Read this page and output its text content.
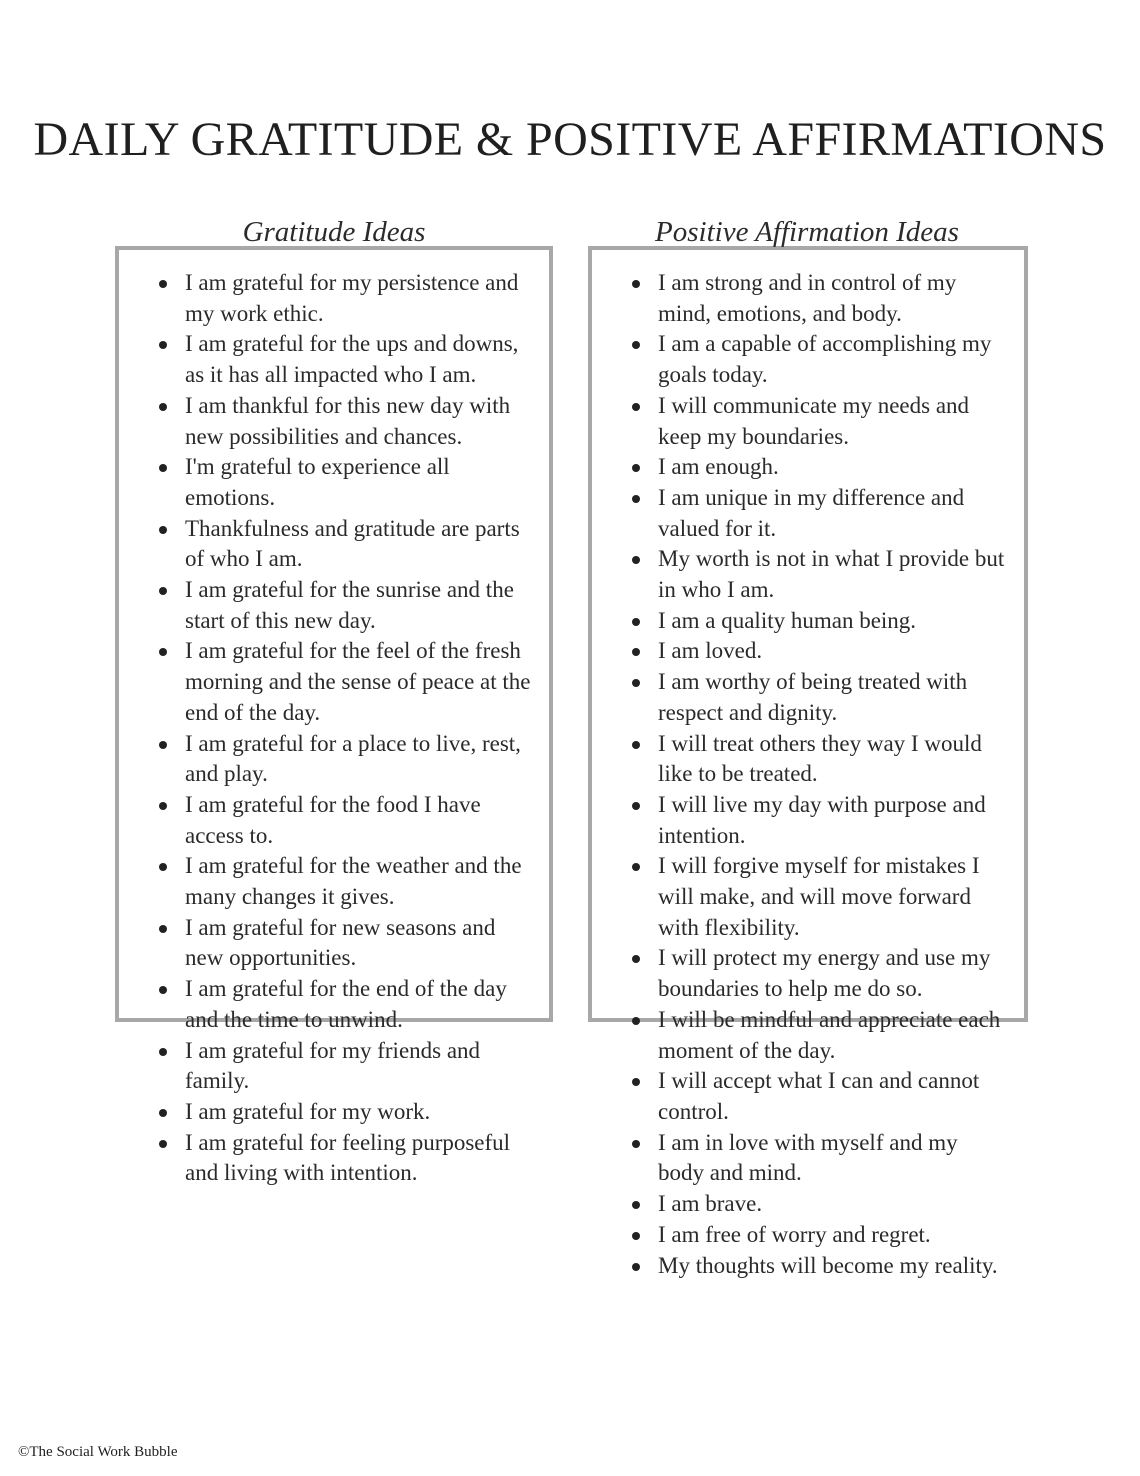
DAILY GRATITUDE & POSITIVE AFFIRMATIONS
Gratitude Ideas
I am grateful for my persistence and my work ethic.
I am grateful for the ups and downs, as it has all impacted who I am.
I am thankful for this new day with new possibilities and chances.
I'm grateful to experience all emotions.
Thankfulness and gratitude are parts of who I am.
I am grateful for the sunrise and the start of this new day.
I am grateful for the feel of the fresh morning and the sense of peace at the end of the day.
I am grateful for a place to live, rest, and play.
I am grateful for the food I have access to.
I am grateful for the weather and the many changes it gives.
I am grateful for new seasons and new opportunities.
I am grateful for the end of the day and the time to unwind.
I am grateful for my friends and family.
I am grateful for my work.
I am grateful for feeling purposeful and living with intention.
Positive Affirmation Ideas
I am strong and in control of my mind, emotions, and body.
I am a capable of accomplishing my goals today.
I will communicate my needs and keep my boundaries.
I am enough.
I am unique in my difference and valued for it.
My worth is not in what I provide but in who I am.
I am a quality human being.
I am loved.
I am worthy of being treated with respect and dignity.
I will treat others they way I would like to be treated.
I will live my day with purpose and intention.
I will forgive myself for mistakes I will make, and will move forward with flexibility.
I will protect my energy and use my boundaries to help me do so.
I will be mindful and appreciate each moment of the day.
I will accept what I can and cannot control.
I am in love with myself and my body and mind.
I am brave.
I am free of worry and regret.
My thoughts will become my reality.
©The Social Work Bubble
